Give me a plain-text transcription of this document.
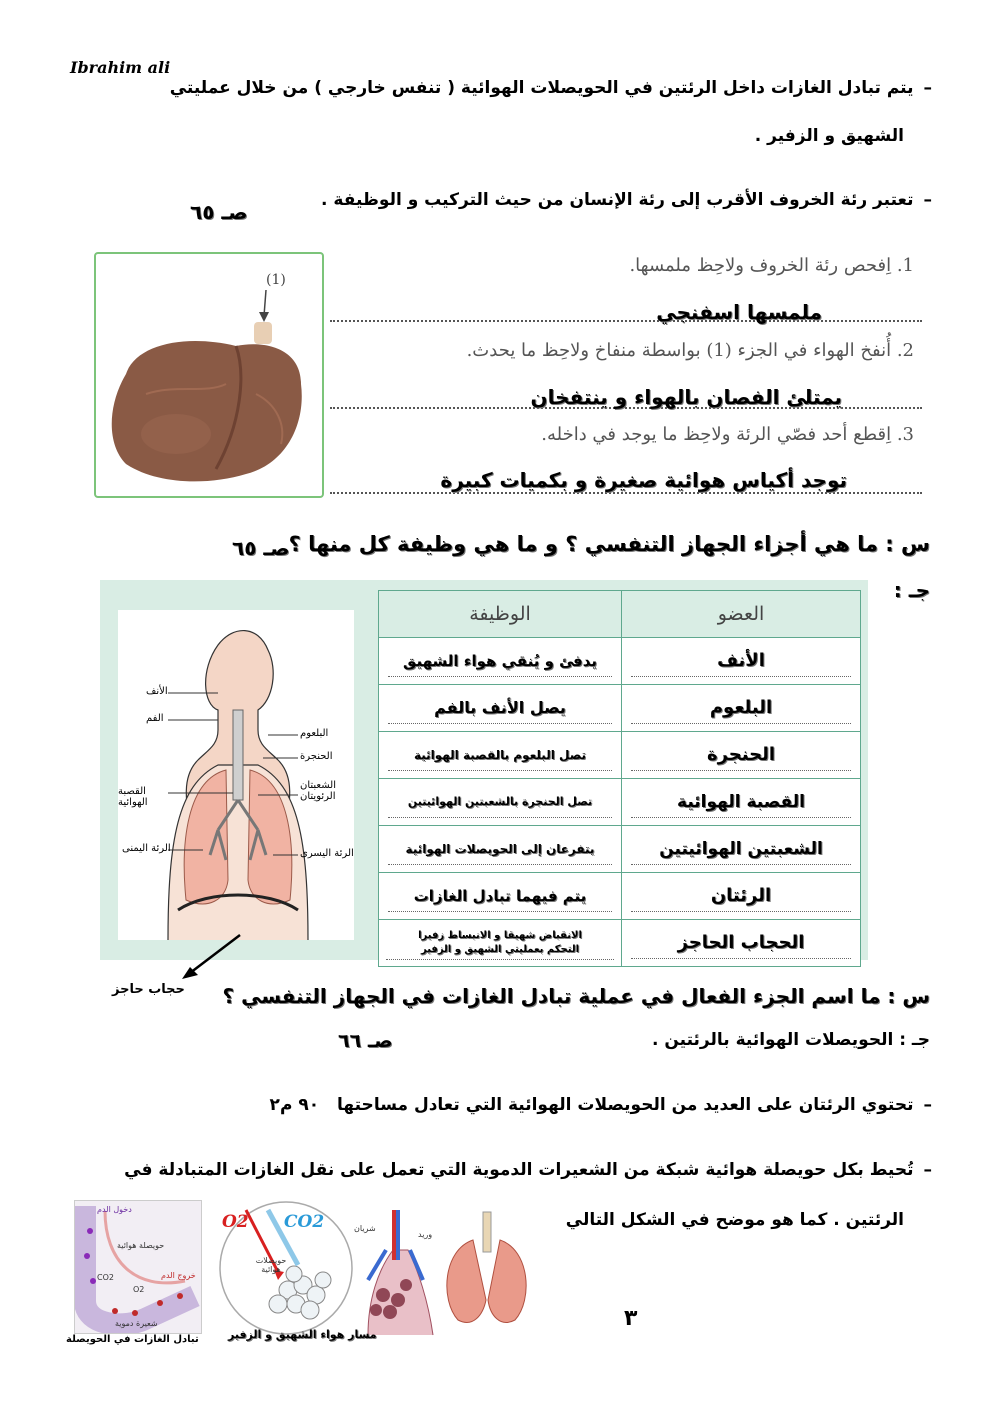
Ibrahim ali
–يتم تبادل الغازات داخل الرئتين في الحويصلات الهوائية ( تنفس خارجي ) من خلال عمليتي
الشهيق و الزفير .
–تعتبر رئة الخروف الأقرب إلى رئة الإنسان من حيث التركيب و الوظيفة .
صـ ٦٥
(1)
1. اِفحص رئة الخروف ولاحِظ ملمسها.
ملمسها اسفنجي
2. أُنفخ الهواء في الجزء (1) بواسطة منفاخ ولاحِظ ما يحدث.
يمتلئ الفصان بالهواء و ينتفخان
3. اِقطع أحد فصّي الرئة ولاحِظ ما يوجد في داخله.
توجد أكياس هوائية صغيرة و بكميات كبيرة
س : ما هي أجزاء الجهاز التنفسي ؟ و ما هي وظيفة كل منها ؟
صـ ٦٥
جـ :
الأنف
الفم
البلعوم
الحنجرة
القصبة الهوائية
الشعبتان الرئويتان
الرئة اليمنى	الرئة اليسرى
الوظيفة	العضو

يدفئ و يُنقي هواء الشهيق	الأنف

يصل الأنف بالفم	البلعوم

تصل البلعوم بالقصبة الهوائية	الحنجرة

تصل الحنجرة بالشعبتين الهوائيتين	القصبة الهوائية

يتفرعان إلى الحويصلات الهوائية	الشعبتين الهوائيتين

يتم فيهما تبادل الغازات	الرئتان

الانقباض شهيقا و الانبساط زفيرا
التحكم بعمليتي الشهيق و الزفير	الحجاب الحاجز
حجاب حاجز س : ما اسم الجزء الفعال في عملية تبادل الغازات في الجهاز التنفسي ؟
جـ : الحويصلات الهوائية بالرئتين .
صـ ٦٦
–تحتوي الرئتان على العديد من الحويصلات الهوائية التي تعادل مساحتها ٩٠ م٢
–تُحيط بكل حويصلة هوائية شبكة من الشعيرات الدموية التي تعمل على نقل الغازات المتبادلة في
الرئتين . كما هو موضح في الشكل التالي
دخول الدم
حويصلة هوائية
CO2
O2
خروج الدم
شعيرة دموية
تبادل الغازات في الحويصلة
O2 CO2
حويصلات هوائية
شريان
وريد
مسار هواء الشهيق و الزفير
٣
